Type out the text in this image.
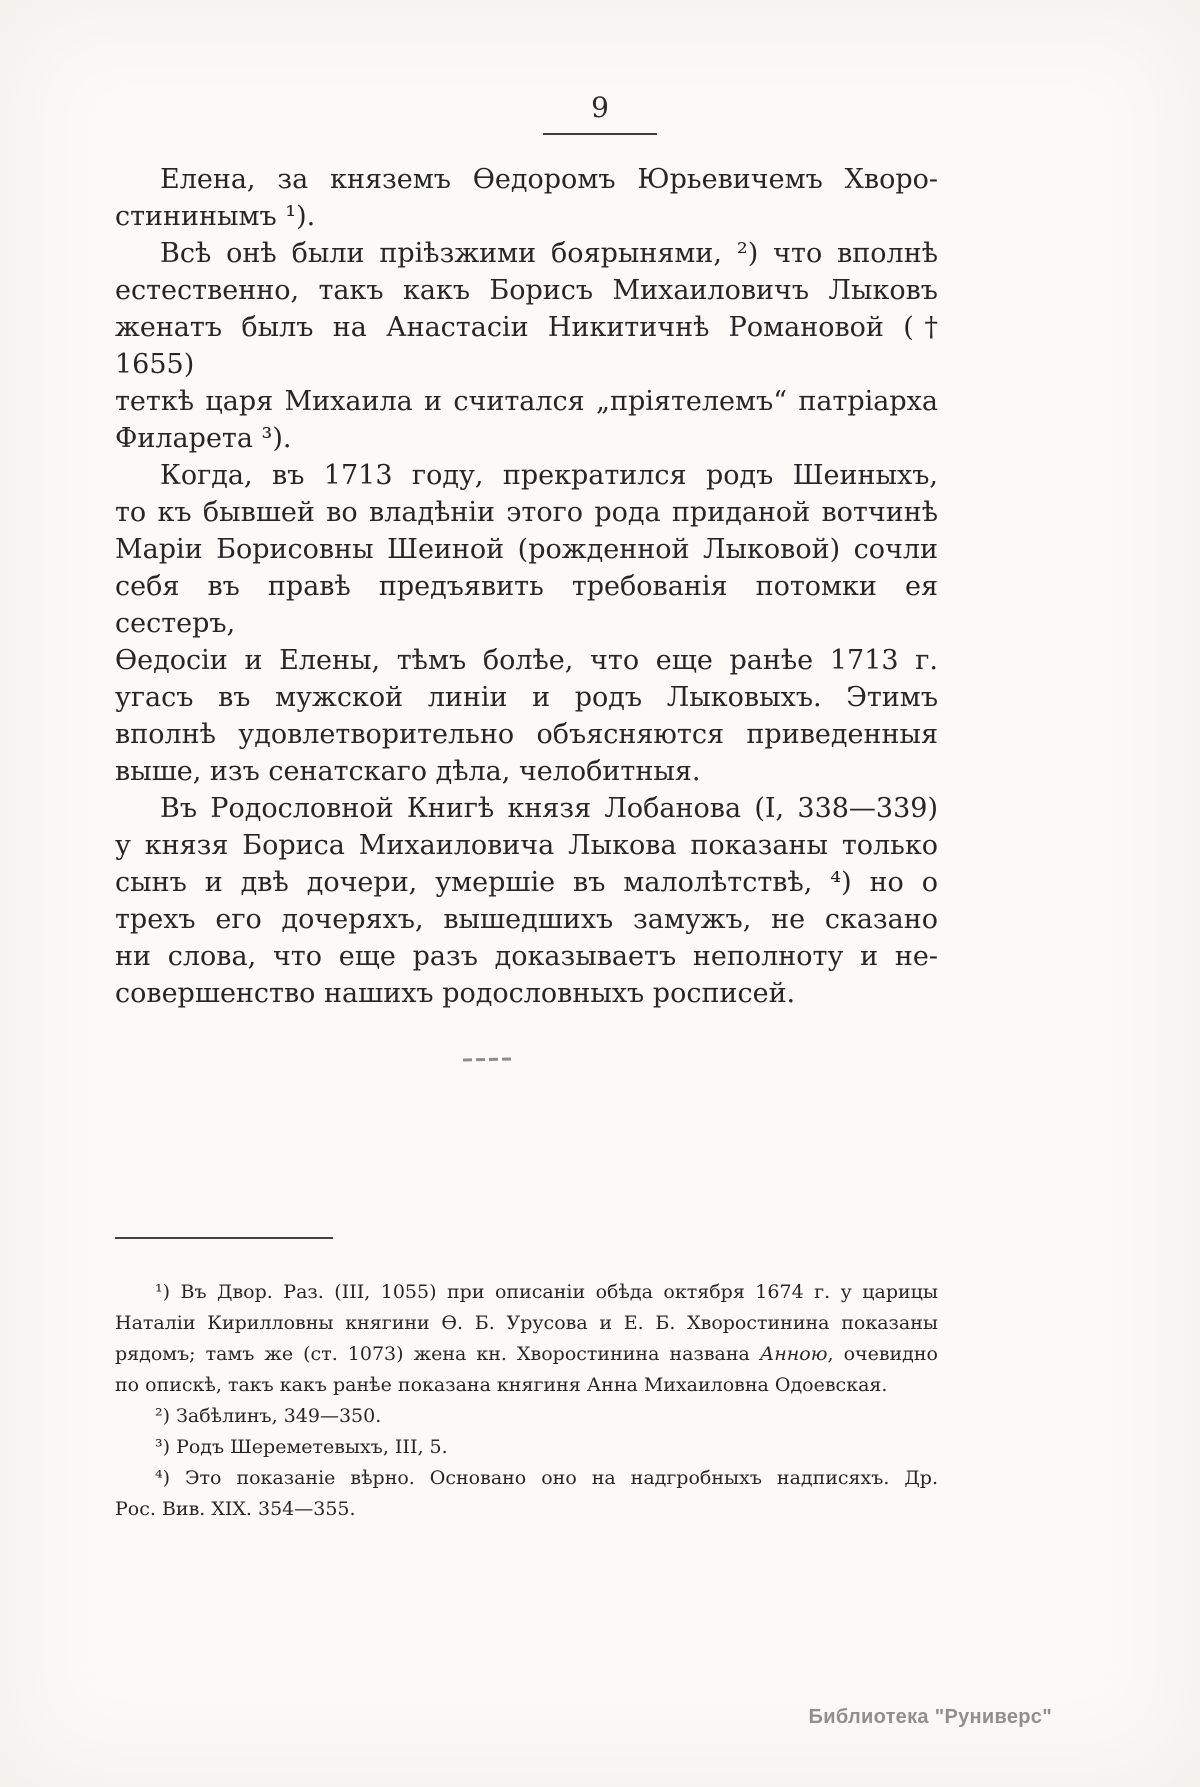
9

Елена, за княземъ Ѳедоромъ Юрьевичемъ Хворо-
стининымъ ¹).

Всѣ онѣ были пріѣзжими боярынями, ²) что вполнѣ
естественно, такъ какъ Борисъ Михаиловичъ Лыковъ
женатъ былъ на Анастасіи Никитичнѣ Романовой († 1655)
теткѣ царя Михаила и считался „пріятелемъ“ патріарха
Филарета ³).

Когда, въ 1713 году, прекратился родъ Шеиныхъ,
то къ бывшей во владѣніи этого рода приданой вотчинѣ
Маріи Борисовны Шеиной (рожденной Лыковой) сочли
себя въ правѣ предъявить требованія потомки ея сестеръ,
Ѳедосіи и Елены, тѣмъ болѣе, что еще ранѣе 1713 г.
угасъ въ мужской линіи и родъ Лыковыхъ. Этимъ
вполнѣ удовлетворительно объясняются приведенныя
выше, изъ сенатскаго дѣла, челобитныя.

Въ Родословной Книгѣ князя Лобанова (I, 338—339)
у князя Бориса Михаиловича Лыкова показаны только
сынъ и двѣ дочери, умершіе въ малолѣтствѣ, ⁴) но о
трехъ его дочеряхъ, вышедшихъ замужъ, не сказано
ни слова, что еще разъ доказываетъ неполноту и не-
совершенство нашихъ родословныхъ росписей.

¹) Въ Двор. Раз. (III, 1055) при описаніи обѣда октября 1674 г. у царицы
Наталіи Кирилловны княгини Ѳ. Б. Урусова и Е. Б. Хворостинина показаны
рядомъ; тамъ же (ст. 1073) жена кн. Хворостинина названа Анною, очевидно
по опискѣ, такъ какъ ранѣе показана княгиня Анна Михаиловна Одоевская.

²) Забѣлинъ, 349—350.

³) Родъ Шереметевыхъ, III, 5.

⁴) Это показаніе вѣрно. Основано оно на надгробныхъ надписяхъ. Др.
Рос. Вив. XIX. 354—355.

Библиотека "Руниверс"
